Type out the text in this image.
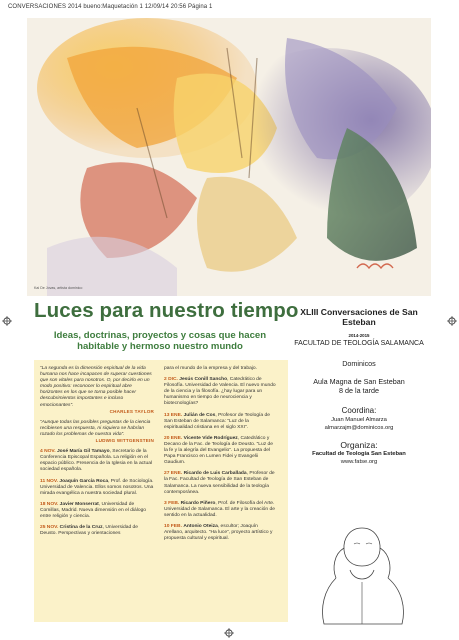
CONVERSACIONES 2014 bueno:Maquetación 1 12/09/14 20:56 Página 1
Kai De Jovas, artista dominico
Luces para nuestro tiempo
Ideas, doctrinas, proyectos y cosas que hacen habitable y hermoso nuestro mundo

“La segunda es la dimensión espiritual de la vida humana nos hace incapaces de superar cuestiones que son vitales para nosotros. O, por decirlo en un modo positivo: reconocer lo espiritual abre horizontes en los que se torna posible hacer descubrimientos importantes e incluso emocionantes”.
CHARLES TAYLOR

“Aunque todas las posibles preguntas de la ciencia recibiesen una respuesta, ni siquiera se habrían rozado los problemas de nuestra vida”.
LUDWIG WITTGENSTEIN

4 NOV. José María Gil Tamayo, Secretario de la Conferencia Episcopal Española. La religión en el espacio público. Presencia de la Iglesia en la actual sociedad española.

11 NOV. Joaquín García Roca, Prof. de Sociología. Universidad de Valencia. Ellos somos nosotros. Una mirada evangélica a nuestra sociedad plural.

18 NOV. Javier Monserrat, Universidad de Comillas, Madrid. Nueva dimensión en el diálogo entre religión y ciencia.

25 NOV. Cristina de la Cruz, Universidad de Deusto. Perspectivas y orientaciones

para el mundo de la empresa y del trabajo.

2 DIC. Jesús Conill Sancho, Catedrático de Filosofía. Universidad de Valencia. El nuevo mundo de la ciencia y la filosofía. ¿hay lugar para un humanismo en tiempo de neurociencia y biotecnologías?

13 ENE. Julián de Cos, Profesor de Teología de San Esteban de Salamanca: “Luz de la espiritualidad cristiana en el siglo XXI”.

20 ENE. Vicente Vide Rodríguez, Catedrático y Decano de la Fac. de Teología de Deusto. “Luz de la fe y la alegría del Evangelio”. La propuesta del Papa Francisco en Lumen Fidei y Evangelii Gaudium.

27 ENE. Ricardo de Luis Carballada, Profesor de la Fac. Facultad de Teología de San Esteban de Salamanca. La nueva sensibilidad de la teología contemporánea.

3 FEB. Ricardo Piñero, Prof. de Filosofía del Arte. Universidad de Salamanca. El arte y la creación de sentido en la actualidad.

10 FEB. Antonio Oteiza, escultor; Joaquín Arellano, arquitecto. “Ha luce”, proyecto artístico y propuesta cultural y espiritual.

XLIII Conversaciones de San Esteban
2014-2015
FACULTAD DE TEOLOGÍA SALAMANCA
Dominicos
Aula Magna de San Esteban
8 de la tarde
Coordina:
Juan Manuel Almarza
almarzajm@dominicos.org
Organiza:
Facultad de Teología San Esteban
www.fatse.org
